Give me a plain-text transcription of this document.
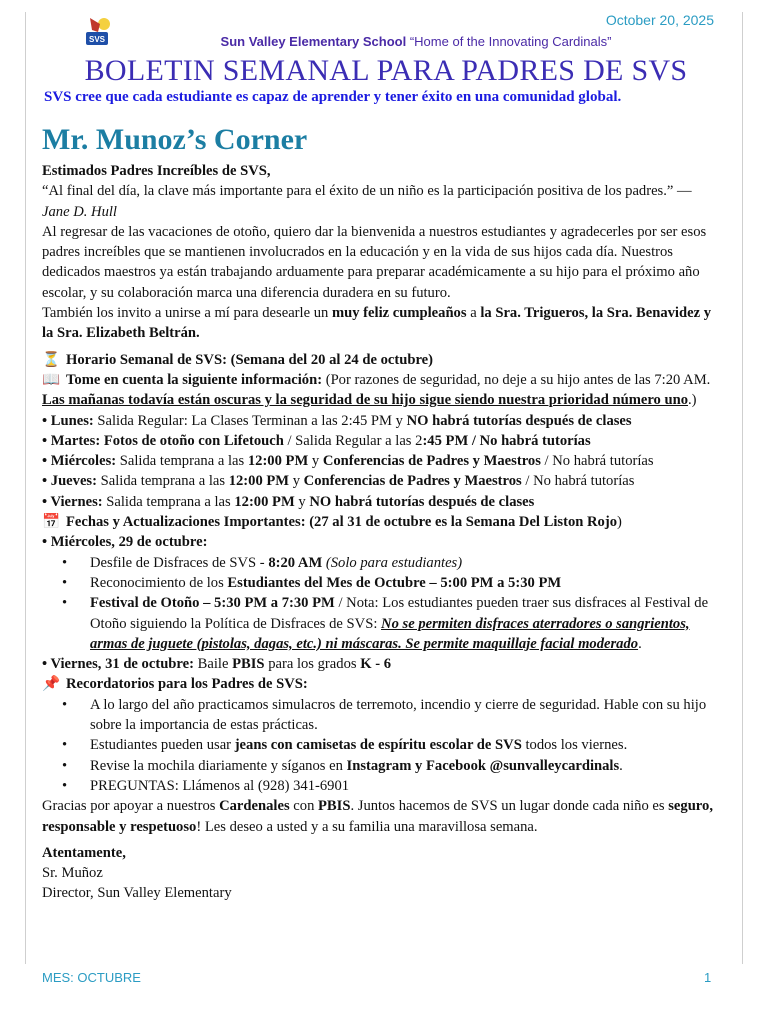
SVS
October 20, 2025
Sun Valley Elementary School “Home of the Innovating Cardinals”
BOLETIN SEMANAL PARA PADRES DE SVS
SVS cree que cada estudiante es capaz de aprender y tener éxito en una comunidad global.
Mr. Munoz’s Corner

Estimados Padres Increíbles de SVS,

“Al final del día, la clave más importante para el éxito de un niño es la participación positiva de los padres.” — Jane D. Hull

Al regresar de las vacaciones de otoño, quiero dar la bienvenida a nuestros estudiantes y agradecerles por ser esos padres increíbles que se mantienen involucrados en la educación y en la vida de sus hijos cada día. Nuestros dedicados maestros ya están trabajando arduamente para preparar académicamente a su hijo para el próximo año escolar, y su colaboración marca una diferencia duradera en su futuro.

También los invito a unirse a mí para desearle un muy feliz cumpleaños a la Sra. Trigueros, la Sra. Benavidez y la Sra. Elizabeth Beltrán.

⏳ Horario Semanal de SVS: (Semana del 20 al 24 de octubre)

📖 Tome en cuenta la siguiente información: (Por razones de seguridad, no deje a su hijo antes de las 7:20 AM. Las mañanas todavía están oscuras y la seguridad de su hijo sigue siendo nuestra prioridad número uno.)

• Lunes: Salida Regular: La Clases Terminan a las 2:45 PM y NO habrá tutorías después de clases

• Martes: Fotos de otoño con Lifetouch / Salida Regular a las 2:45 PM / No habrá tutorías

• Miércoles: Salida temprana a las 12:00 PM y Conferencias de Padres y Maestros / No habrá tutorías

• Jueves: Salida temprana a las 12:00 PM y Conferencias de Padres y Maestros / No habrá tutorías

• Viernes: Salida temprana a las 12:00 PM y NO habrá tutorías después de clases

📅 Fechas y Actualizaciones Importantes: (27 al 31 de octubre es la Semana Del Liston Rojo)

• Miércoles, 29 de octubre:

• Desfile de Disfraces de SVS - 8:20 AM (Solo para estudiantes)

• Reconocimiento de los Estudiantes del Mes de Octubre – 5:00 PM a 5:30 PM

• Festival de Otoño – 5:30 PM a 7:30 PM / Nota: Los estudiantes pueden traer sus disfraces al Festival de Otoño siguiendo la Política de Disfraces de SVS: No se permiten disfraces aterradores o sangrientos, armas de juguete (pistolas, dagas, etc.) ni máscaras. Se permite maquillaje facial moderado.

• Viernes, 31 de octubre: Baile PBIS para los grados K - 6

📌 Recordatorios para los Padres de SVS:

• A lo largo del año practicamos simulacros de terremoto, incendio y cierre de seguridad. Hable con su hijo sobre la importancia de estas prácticas.

• Estudiantes pueden usar jeans con camisetas de espíritu escolar de SVS todos los viernes.

• Revise la mochila diariamente y síganos en Instagram y Facebook @sunvalleycardinals.

• PREGUNTAS: Llámenos al (928) 341-6901

Gracias por apoyar a nuestros Cardenales con PBIS. Juntos hacemos de SVS un lugar donde cada niño es seguro, responsable y respetuoso! Les deseo a usted y a su familia una maravillosa semana.

Atentamente,

Sr. Muñoz

Director, Sun Valley Elementary

MES: OCTUBRE	1
